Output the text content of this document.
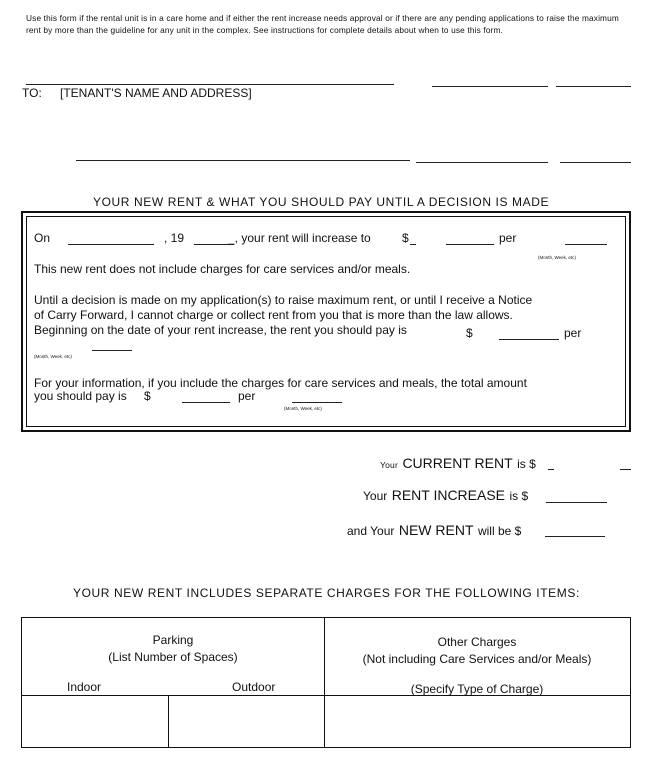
Use this form if the rental unit is in a care home and if either the rent increase needs approval or if there are any pending applications to raise the maximum rent by more than the guideline for any unit in the complex. See instructions for complete details about when to use this form.
TO: [TENANT'S NAME AND ADDRESS]
YOUR NEW RENT & WHAT YOU SHOULD PAY UNTIL A DECISION IS MADE
On	, 19	_, your rent will increase to	$	per
(Month, Week, etc)
This new rent does not include charges for care services and/or meals.
Until a decision is made on my application(s) to raise maximum rent, or until I receive a Notice
of Carry Forward, I cannot charge or collect rent from you that is more than the law allows.
Beginning on the date of your rent increase, the rent you should pay is	$	per
(Month, Week, etc)
For your information, if you include the charges for care services and meals, the total amount
you should pay is $	per
(Month, Week, etc)
Your CURRENT RENT is $
Your RENT INCREASE is $
and Your NEW RENT will be $
YOUR NEW RENT INCLUDES SEPARATE CHARGES FOR THE FOLLOWING ITEMS:
Parking
(List Number of Spaces)
Indoor	Outdoor
Other Charges
(Not including Care Services and/or Meals)
(Specify Type of Charge)
